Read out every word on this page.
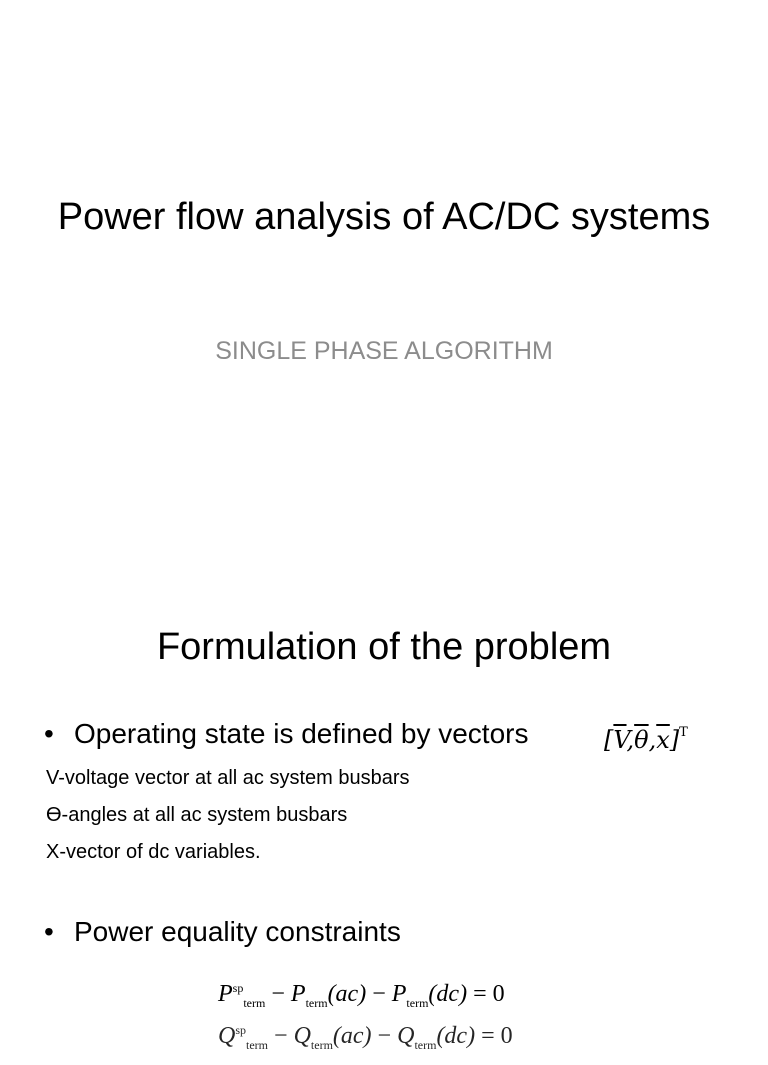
Power flow analysis of AC/DC systems

SINGLE PHASE ALGORITHM

Formulation of the problem
• Operating state is defined by vectors	$[\overline{V},\overline{\theta},\overline{x}]^T$
V-voltage vector at all ac system busbars
Ө-angles at all ac system busbars
X-vector of dc variables.
• Power equality constraints
$P^{sp}_{term} - P_{term}(ac) - P_{term}(dc) = 0$
$Q^{sp}_{term} - Q_{term}(ac) - Q_{term}(dc) = 0$
